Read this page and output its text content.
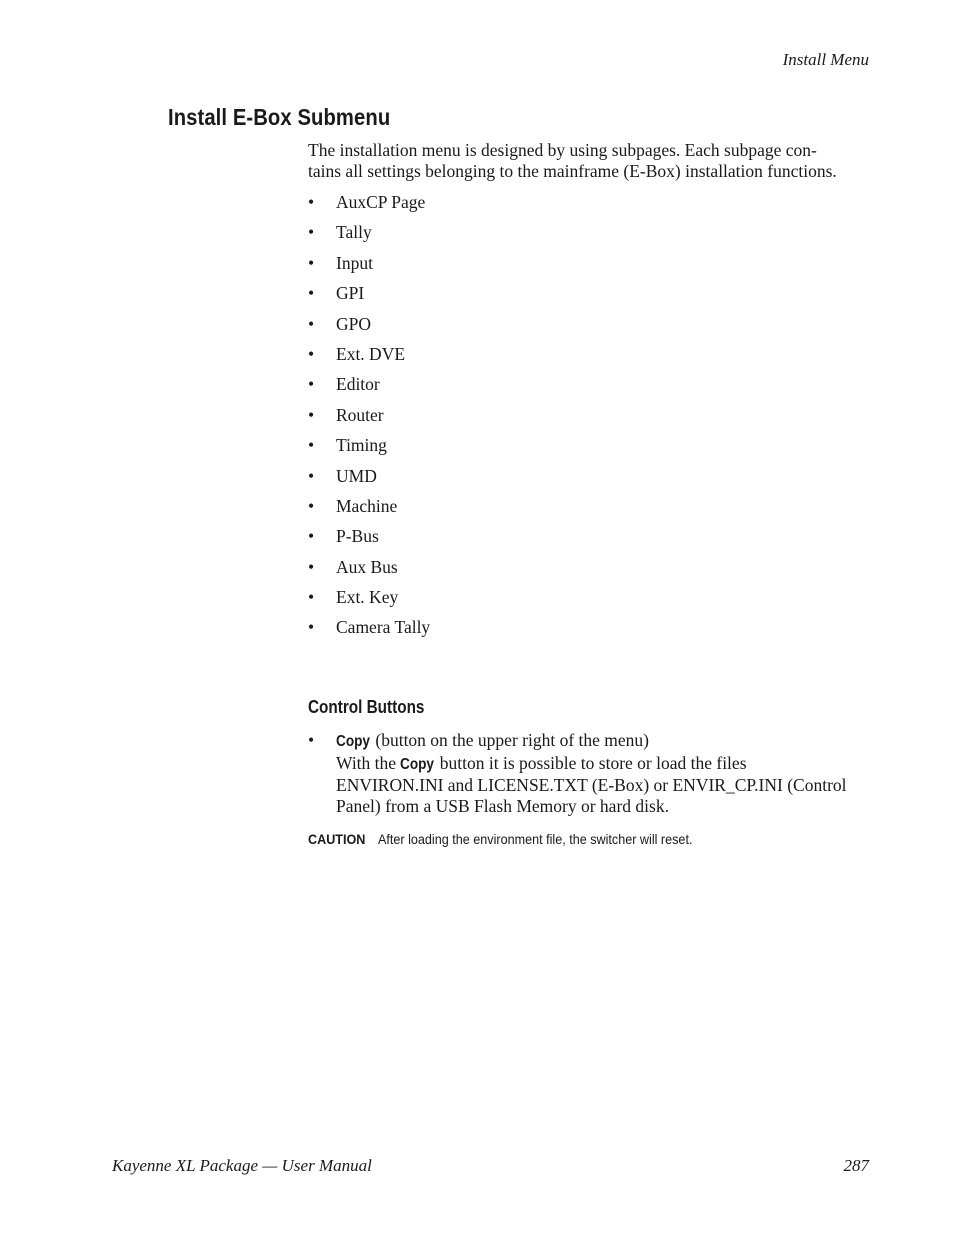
Install Menu
Install E-Box Submenu

The installation menu is designed by using subpages. Each subpage con-
tains all settings belonging to the mainframe (E-Box) installation functions.

• AuxCP Page
• Tally
• Input
• GPI
• GPO
• Ext. DVE
• Editor
• Router
• Timing
• UMD
• Machine
• P-Bus
• Aux Bus
• Ext. Key
• Camera Tally
Control Buttons
• Copy (button on the upper right of the menu)
With the Copy button it is possible to store or load the files
ENVIRON.INI and LICENSE.TXT (E-Box) or ENVIR_CP.INI (Control
Panel) from a USB Flash Memory or hard disk.

CAUTION After loading the environment file, the switcher will reset.

Kayenne XL Package — User Manual	287
